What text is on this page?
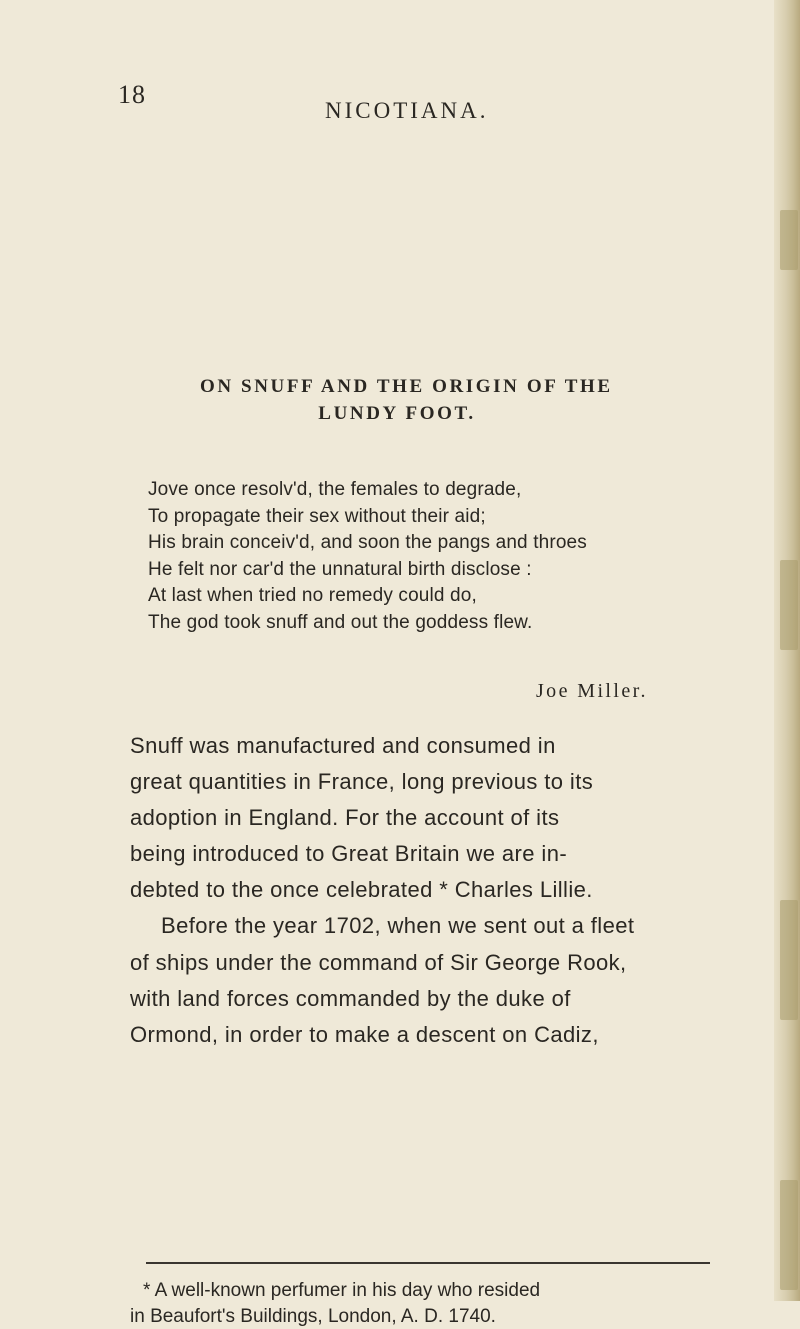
18
NICOTIANA.
ON SNUFF AND THE ORIGIN OF THE
LUNDY FOOT.
Jove once resolv'd, the females to degrade,
To propagate their sex without their aid;
His brain conceiv'd, and soon the pangs and throes
He felt nor car'd the unnatural birth disclose :
At last when tried no remedy could do,
The god took snuff and out the goddess flew.
Joe Miller.
Snuff was manufactured and consumed in
great quantities in France, long previous to its
adoption in England. For the account of its
being introduced to Great Britain we are in-
debted to the once celebrated * Charles Lillie.
Before the year 1702, when we sent out a fleet
of ships under the command of Sir George Rook,
with land forces commanded by the duke of
Ormond, in order to make a descent on Cadiz,
* A well-known perfumer in his day who resided
in Beaufort's Buildings, London, A. D. 1740.
